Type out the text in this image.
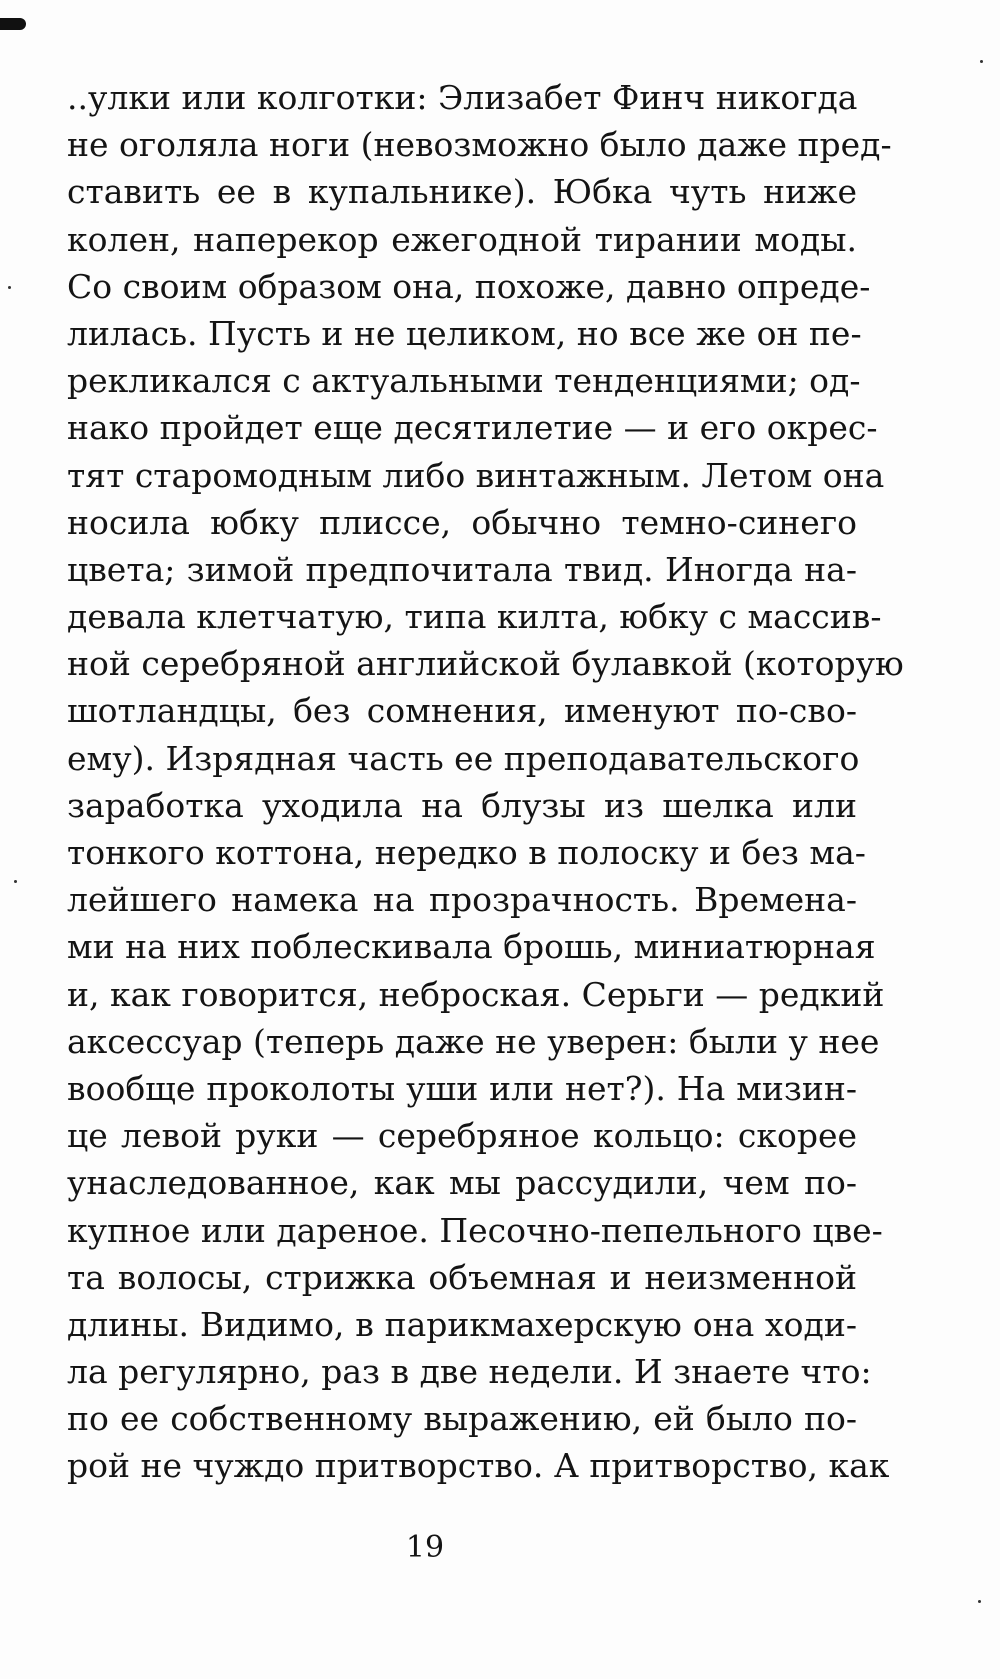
..улки или колготки: Элизабет Финч никогда
не оголяла ноги (невозможно было даже пред-
ставить ее в купальнике). Юбка чуть ниже
колен, наперекор ежегодной тирании моды.
Со своим образом она, похоже, давно опреде-
лилась. Пусть и не целиком, но все же он пе-
рекликался с актуальными тенденциями; од-
нако пройдет еще десятилетие — и его окрес-
тят старомодным либо винтажным. Летом она
носила юбку плиссе, обычно темно-синего
цвета; зимой предпочитала твид. Иногда на-
девала клетчатую, типа килта, юбку с массив-
ной серебряной английской булавкой (которую
шотландцы, без сомнения, именуют по-сво-
ему). Изрядная часть ее преподавательского
заработка уходила на блузы из шелка или
тонкого коттона, нередко в полоску и без ма-
лейшего намека на прозрачность. Времена-
ми на них поблескивала брошь, миниатюрная
и, как говорится, неброская. Серьги — редкий
аксессуар (теперь даже не уверен: были у нее
вообще проколоты уши или нет?). На мизин-
це левой руки — серебряное кольцо: скорее
унаследованное, как мы рассудили, чем по-
купное или дареное. Песочно-пепельного цве-
та волосы, стрижка объемная и неизменной
длины. Видимо, в парикмахерскую она ходи-
ла регулярно, раз в две недели. И знаете что:
по ее собственному выражению, ей было по-
рой не чуждо притворство. А притворство, как
19
